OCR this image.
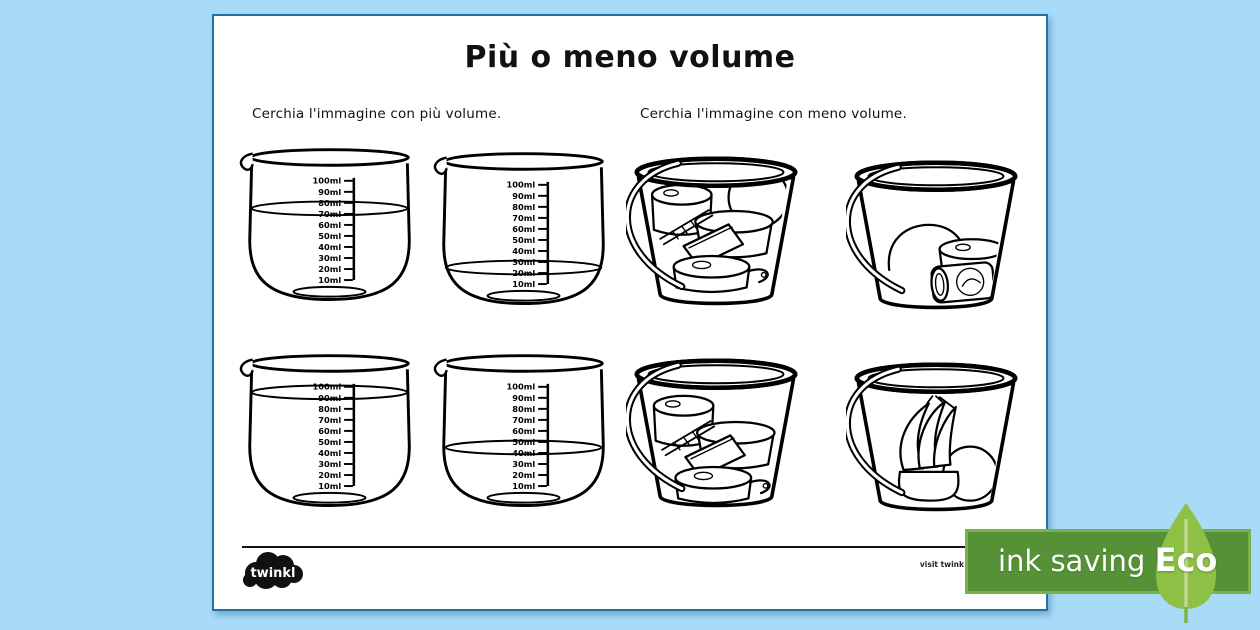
Più o meno volume
Cerchia l'immagine con più volume.	Cerchia l'immagine con meno volume.
100ml
90ml
80ml
70ml
60ml
50ml
40ml
30ml
20ml
10ml
100ml
90ml
80ml
70ml
60ml
50ml
40ml
30ml
20ml
10ml
100ml
90ml
80ml
70ml
60ml
50ml
40ml
30ml
20ml
10ml
100ml
90ml
80ml
70ml
60ml
50ml
40ml
30ml
20ml
10ml
twinkl
visit twink ink saving Eco
